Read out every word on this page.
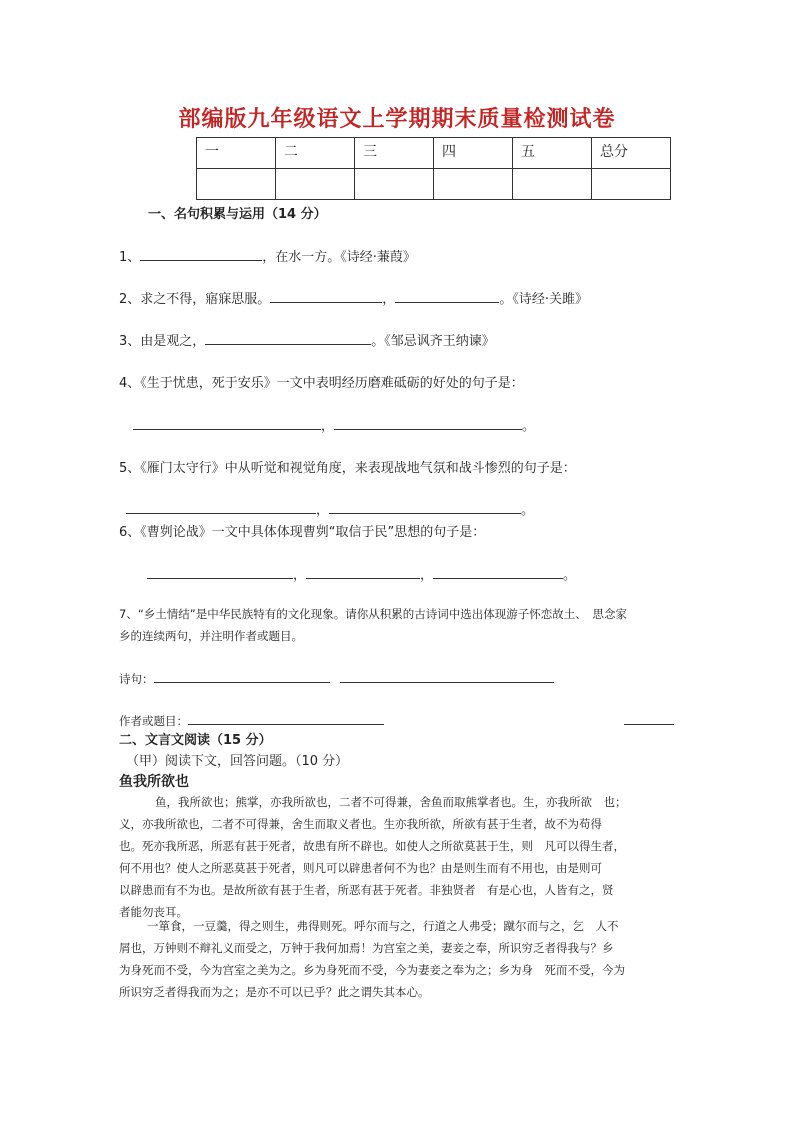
部编版九年级语文上学期期末质量检测试卷
一	二	三	四	五	总分

一、名句积累与运用（14 分）
1、	，在水一方。《诗经·蒹葭》
2、求之不得，寤寐思服。	，	。《诗经·关雎》
3、由是观之，	。《邹忌讽齐王纳谏》
4、《生于忧患，死于安乐》一文中表明经历磨难砥砺的好处的句子是：
，	。
5、《雁门太守行》中从听觉和视觉角度，来表现战地气氛和战斗惨烈的句子是：
，	。
6、《曹刿论战》一文中具体体现曹刿“取信于民”思想的句子是：
，	，	。
7、“乡土情结”是中华民族特有的文化现象。请你从积累的古诗词中选出体现游子怀恋故土、　思念家
乡的连续两句，并注明作者或题目。
诗句：
作者或题目：
二、文言文阅读（15 分）
（甲）阅读下文，回答问题。（10 分）
鱼我所欲也
鱼，我所欲也；熊掌，亦我所欲也，二者不可得兼，舍鱼而取熊掌者也。生，亦我所欲　也；
义，亦我所欲也，二者不可得兼，舍生而取义者也。生亦我所欲，所欲有甚于生者，故不为苟得
也。死亦我所恶，所恶有甚于死者，故患有所不辟也。如使人之所欲莫甚于生，则　凡可以得生者，
何不用也？使人之所恶莫甚于死者，则凡可以辟患者何不为也？由是则生而有不用也，由是则可
以辟患而有不为也。是故所欲有甚于生者，所恶有甚于死者。非独贤者　有是心也，人皆有之，贤
者能勿丧耳。
一箪食，一豆羹，得之则生，弗得则死。呼尔而与之，行道之人弗受；蹴尔而与之，乞　人不
屑也，万钟则不辩礼义而受之，万钟于我何加焉！为宫室之美，妻妾之奉，所识穷乏者得我与？乡
为身死而不受，今为宫室之美为之。乡为身死而不受，今为妻妾之奉为之；乡为身　死而不受，今为
所识穷乏者得我而为之；是亦不可以已乎？此之谓失其本心。
